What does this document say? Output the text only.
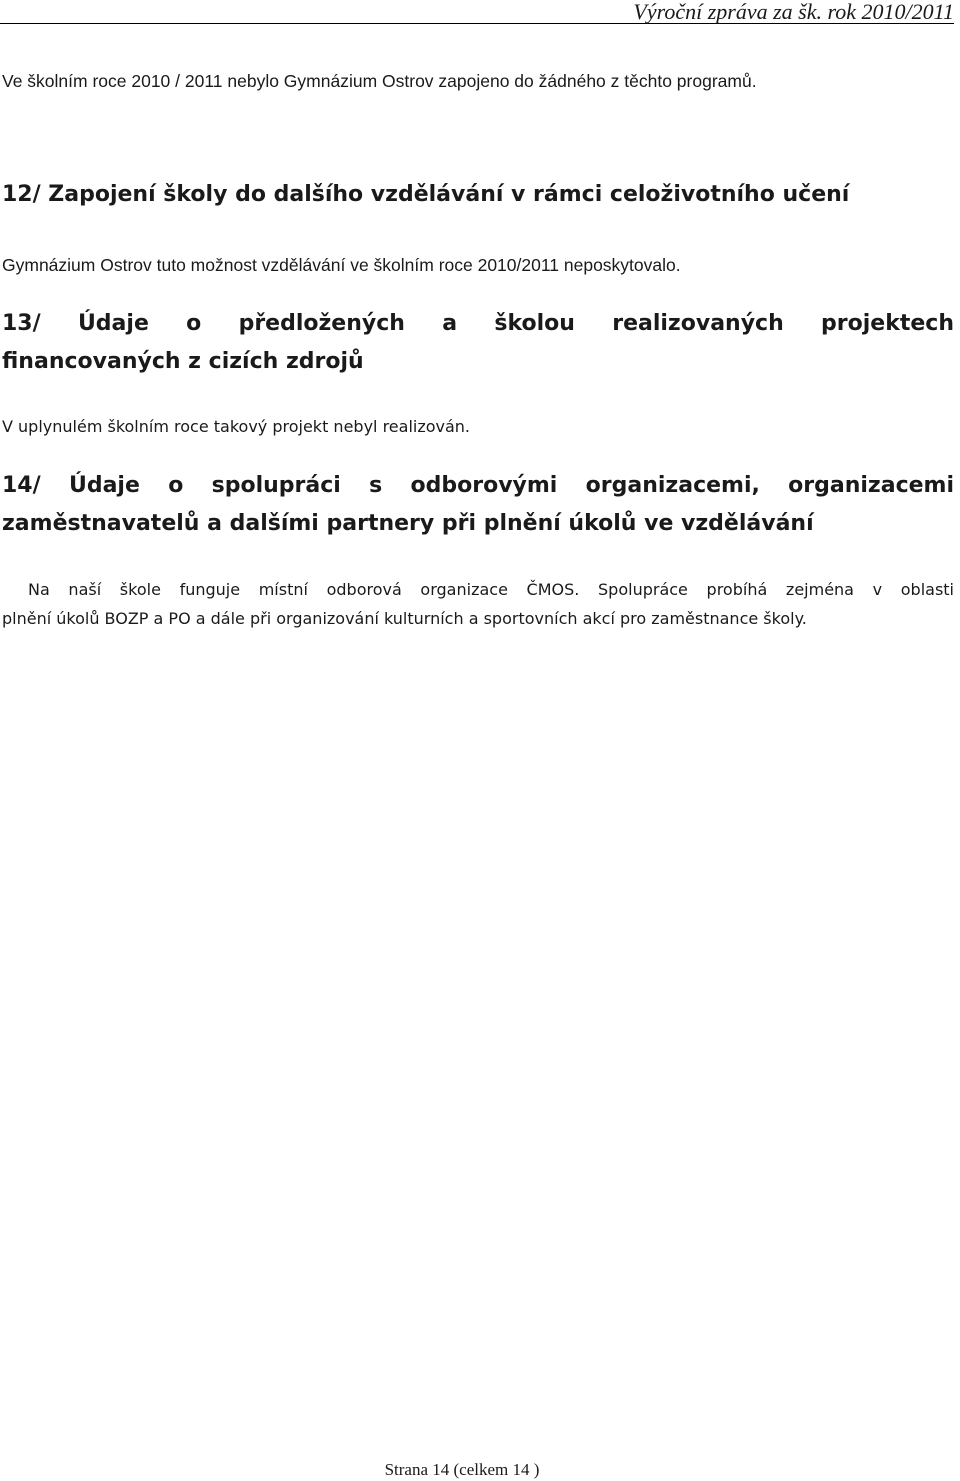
Výroční zpráva za šk. rok 2010/2011
Ve školním roce 2010 / 2011 nebylo Gymnázium Ostrov zapojeno do žádného z těchto programů.
12/ Zapojení školy do dalšího vzdělávání v rámci celoživotního učení
Gymnázium Ostrov tuto možnost vzdělávání ve školním roce 2010/2011 neposkytovalo.
13/ Údaje o předložených a školou realizovaných projektech
financovaných z cizích zdrojů
V uplynulém školním roce takový projekt nebyl realizován.
14/ Údaje o spolupráci s odborovými organizacemi, organizacemi
zaměstnavatelů a dalšími partnery při plnění úkolů ve vzdělávání
Na naší škole funguje místní odborová organizace ČMOS. Spolupráce probíhá zejména v oblasti
plnění úkolů BOZP a PO a dále při organizování kulturních a sportovních akcí pro zaměstnance školy.
Strana 14 (celkem 14 )
